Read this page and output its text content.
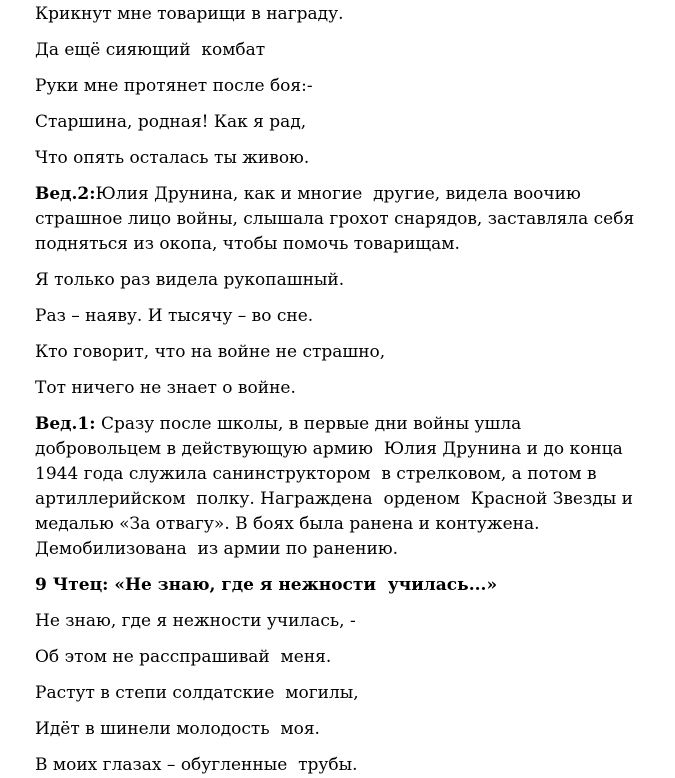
Крикнут мне товарищи в награду.
Да ещё сияющий  комбат
Руки мне протянет после боя:-
Старшина, родная! Как я рад,
Что опять осталась ты живою.
Вед.2:Юлия Друнина, как и многие  другие, видела воочию
страшное лицо войны, слышала грохот снарядов, заставляла себя
подняться из окопа, чтобы помочь товарищам.
Я только раз видела рукопашный.
Раз – наяву. И тысячу – во сне.
Кто говорит, что на войне не страшно,
Тот ничего не знает о войне.
Вед.1: Сразу после школы, в первые дни войны ушла
добровольцем в действующую армию  Юлия Друнина и до конца
1944 года служила санинструктором  в стрелковом, а потом в
артиллерийском  полку. Награждена  орденом  Красной Звезды и
медалью «За отвагу». В боях была ранена и контужена.
Демобилизована  из армии по ранению.
9 Чтец: «Не знаю, где я нежности  училась...»
Не знаю, где я нежности училась, -
Об этом не расспрашивай  меня.
Растут в степи солдатские  могилы,
Идёт в шинели молодость  моя.
В моих глазах – обугленные  трубы.
